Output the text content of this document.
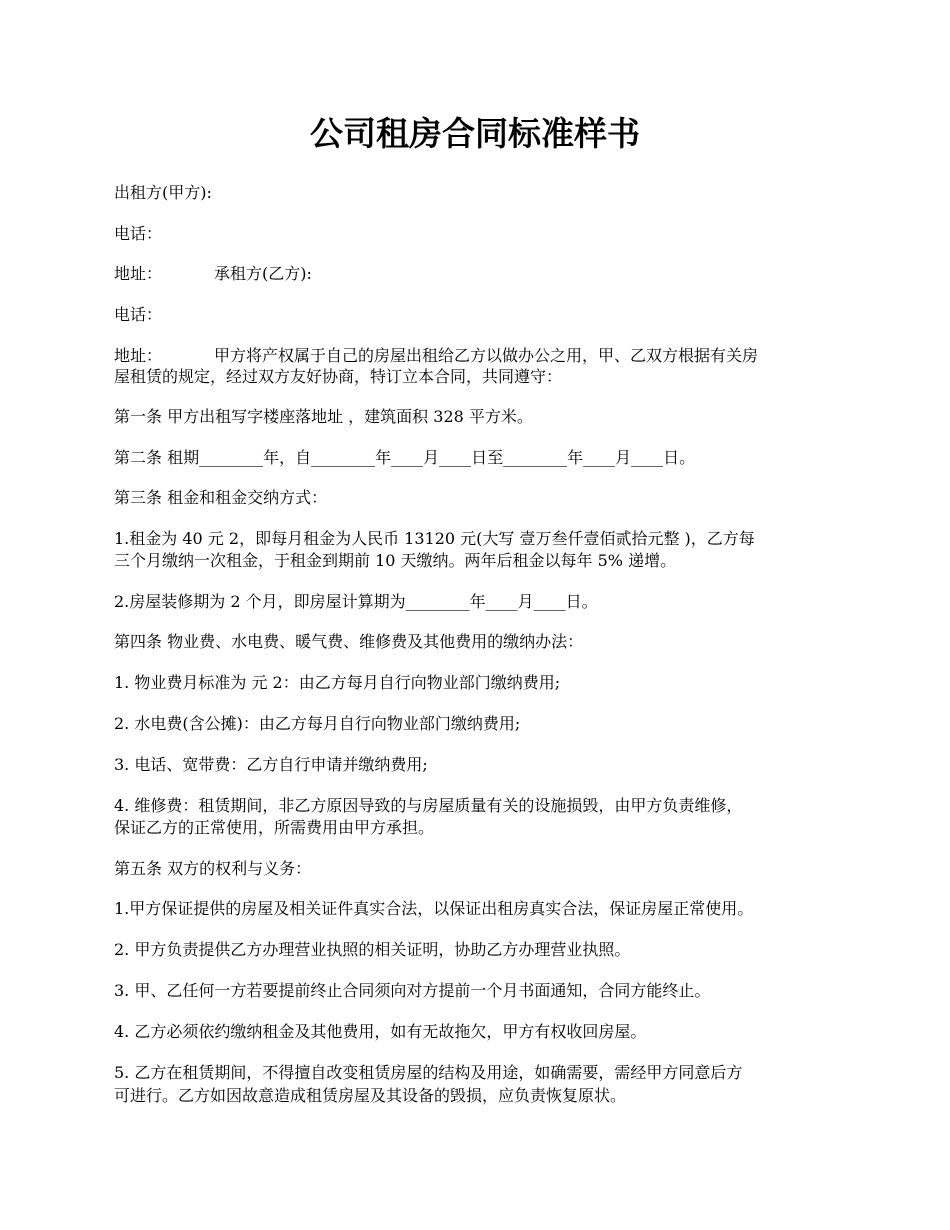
公司租房合同标准样书

出租方(甲方):

电话：

地址：	承租方(乙方):

电话：

地址：	甲方将产权属于自己的房屋出租给乙方以做办公之用，甲、乙双方根据有关房

屋租赁的规定，经过双方友好协商，特订立本合同，共同遵守：

第一条 甲方出租写字楼座落地址 ，建筑面积 328 平方米。

第二条 租期________年，自________年____月____日至________年____月____日。

第三条 租金和租金交纳方式：

1.租金为 40 元 2，即每月租金为人民币 13120 元(大写 壹万叁仟壹佰贰拾元整 )，乙方每

三个月缴纳一次租金，于租金到期前 10 天缴纳。两年后租金以每年 5% 递增。

2.房屋装修期为 2 个月，即房屋计算期为________年____月____日。

第四条 物业费、水电费、暖气费、维修费及其他费用的缴纳办法：

1. 物业费月标准为 元 2：由乙方每月自行向物业部门缴纳费用;

2. 水电费(含公摊)：由乙方每月自行向物业部门缴纳费用;

3. 电话、宽带费：乙方自行申请并缴纳费用;

4. 维修费：租赁期间，非乙方原因导致的与房屋质量有关的设施损毁，由甲方负责维修，

保证乙方的正常使用，所需费用由甲方承担。

第五条 双方的权利与义务：

1.甲方保证提供的房屋及相关证件真实合法，以保证出租房真实合法，保证房屋正常使用。

2. 甲方负责提供乙方办理营业执照的相关证明，协助乙方办理营业执照。

3. 甲、乙任何一方若要提前终止合同须向对方提前一个月书面通知，合同方能终止。

4. 乙方必须依约缴纳租金及其他费用，如有无故拖欠，甲方有权收回房屋。

5. 乙方在租赁期间，不得擅自改变租赁房屋的结构及用途，如确需要，需经甲方同意后方

可进行。乙方如因故意造成租赁房屋及其设备的毁损，应负责恢复原状。
